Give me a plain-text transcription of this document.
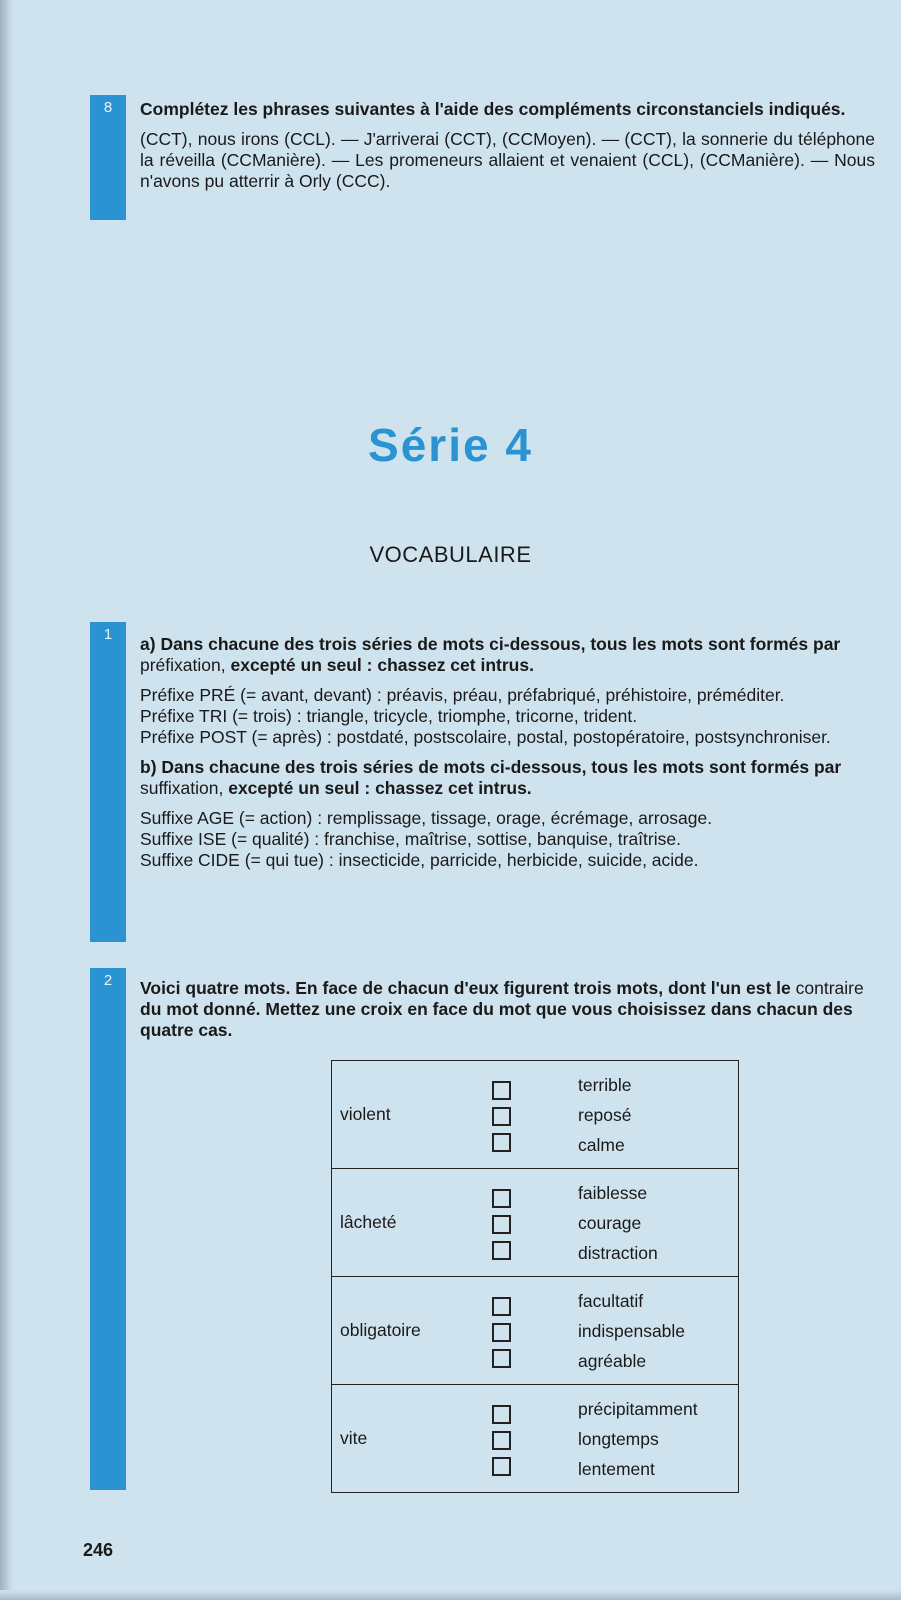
8	Complétez les phrases suivantes à l'aide des compléments circonstanciels indiqués.

(CCT), nous irons (CCL). — J'arriverai (CCT), (CCMoyen). — (CCT), la sonnerie du téléphone la réveilla (CCManière). — Les promeneurs allaient et venaient (CCL), (CCManière). — Nous n'avons pu atterrir à Orly (CCC).

Série 4
VOCABULAIRE
1	a) Dans chacune des trois séries de mots ci-dessous, tous les mots sont formés par préfixation, excepté un seul : chassez cet intrus.

Préfixe PRÉ (= avant, devant) : préavis, préau, préfabriqué, préhistoire, préméditer.

Préfixe TRI (= trois) : triangle, tricycle, triomphe, tricorne, trident.

Préfixe POST (= après) : postdaté, postscolaire, postal, postopératoire, postsynchroniser.

b) Dans chacune des trois séries de mots ci-dessous, tous les mots sont formés par suffixation, excepté un seul : chassez cet intrus.

Suffixe AGE (= action) : remplissage, tissage, orage, écrémage, arrosage.

Suffixe ISE (= qualité) : franchise, maîtrise, sottise, banquise, traîtrise.

Suffixe CIDE (= qui tue) : insecticide, parricide, herbicide, suicide, acide.

2	Voici quatre mots. En face de chacun d'eux figurent trois mots, dont l'un est le contraire du mot donné. Mettez une croix en face du mot que vous choisissez dans chacun des quatre cas.

violent		terrible
reposé
calme

lâcheté		faiblesse
courage
distraction

obligatoire		facultatif
indispensable
agréable

vite		précipitamment
longtemps
lentement
246
